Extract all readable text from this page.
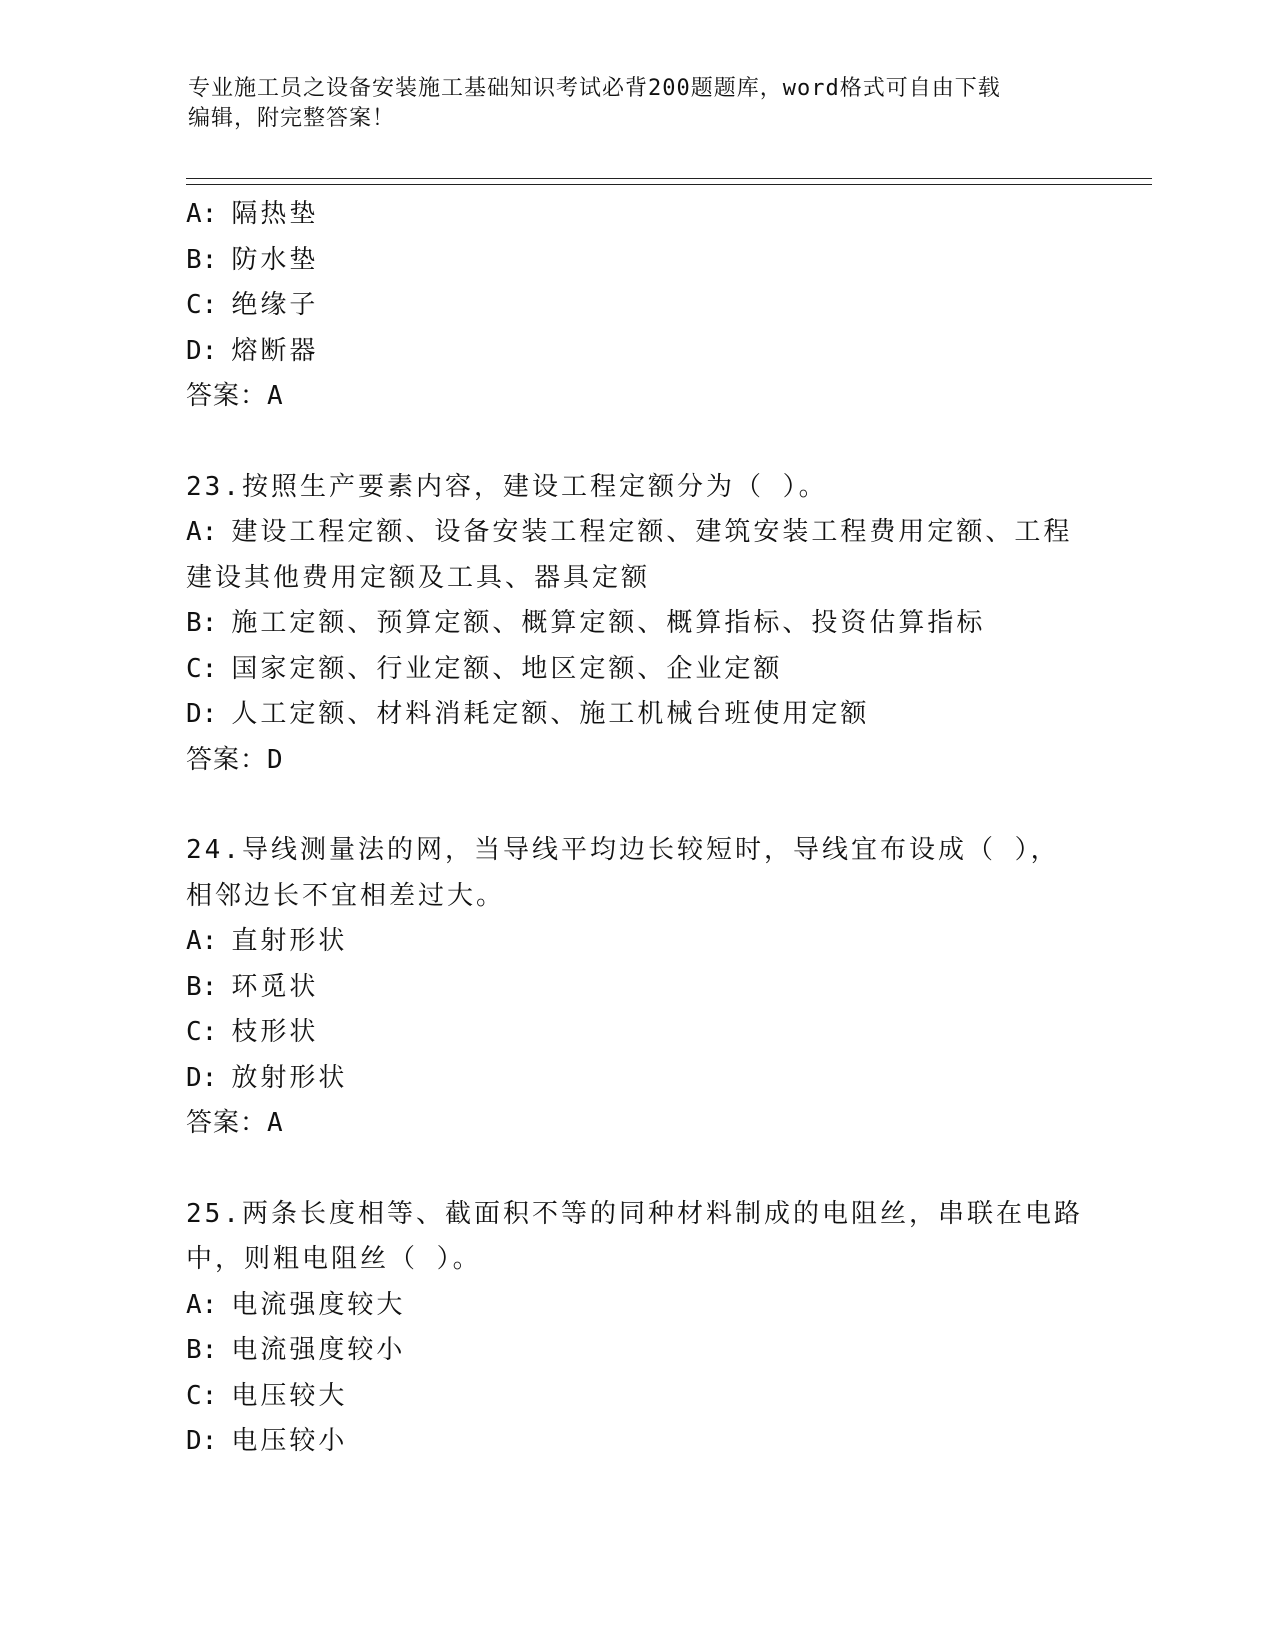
专业施工员之设备安装施工基础知识考试必背200题题库，word格式可自由下载
编辑，附完整答案！
A: 隔热垫
B: 防水垫
C: 绝缘子
D: 熔断器
答案：A
23.按照生产要素内容，建设工程定额分为（ ）。
A: 建设工程定额、设备安装工程定额、建筑安装工程费用定额、工程
建设其他费用定额及工具、器具定额
B: 施工定额、预算定额、概算定额、概算指标、投资估算指标
C: 国家定额、行业定额、地区定额、企业定额
D: 人工定额、材料消耗定额、施工机械台班使用定额
答案：D
24.导线测量法的网，当导线平均边长较短时，导线宜布设成（ ），
相邻边长不宜相差过大。
A: 直射形状
B: 环觅状
C: 枝形状
D: 放射形状
答案：A
25.两条长度相等、截面积不等的同种材料制成的电阻丝，串联在电路
中，则粗电阻丝（ ）。
A: 电流强度较大
B: 电流强度较小
C: 电压较大
D: 电压较小
